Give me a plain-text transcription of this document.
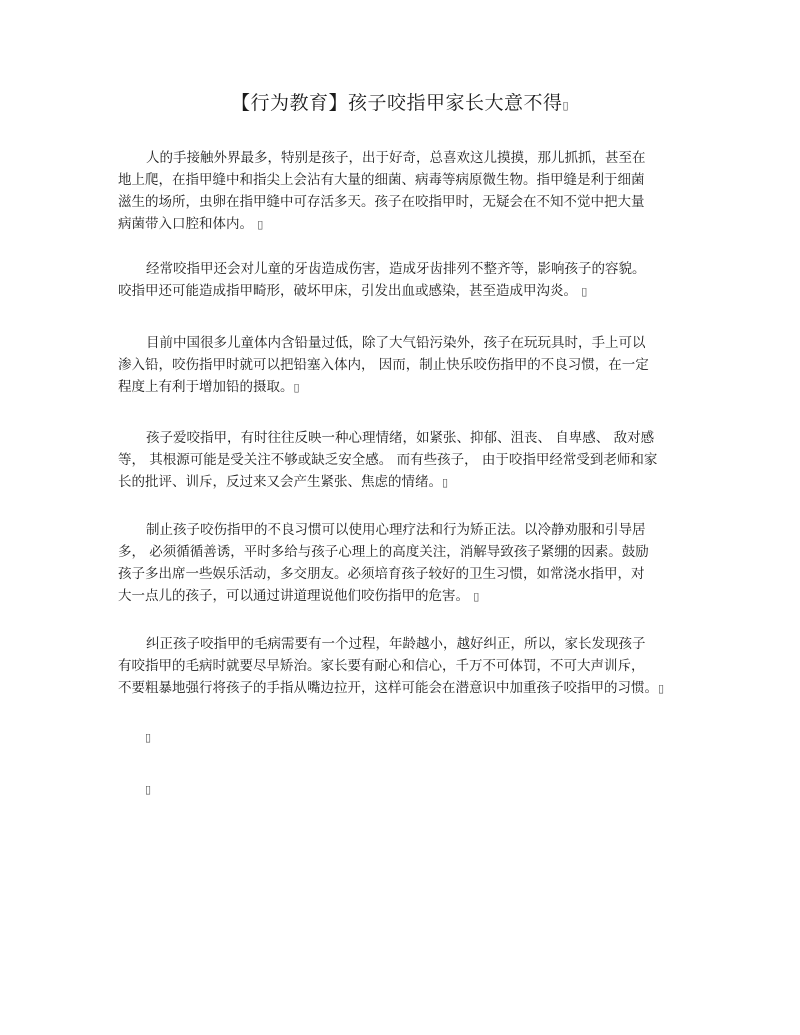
【行为教育】孩子咬指甲家长大意不得▯
人的手接触外界最多，特别是孩子，出于好奇，总喜欢这儿摸摸，那儿抓抓，甚至在
地上爬，在指甲缝中和指尖上会沾有大量的细菌、病毒等病原微生物。指甲缝是利于细菌
滋生的场所，虫卵在指甲缝中可存活多天。孩子在咬指甲时，无疑会在不知不觉中把大量
病菌带入口腔和体内。 ▯
经常咬指甲还会对儿童的牙齿造成伤害，造成牙齿排列不整齐等，影响孩子的容貌。
咬指甲还可能造成指甲畸形，破坏甲床，引发出血或感染，甚至造成甲沟炎。 ▯
目前中国很多儿童体内含铅量过低，除了大气铅污染外，孩子在玩玩具时，手上可以
渗入铅，咬伤指甲时就可以把铅塞入体内， 因而，制止快乐咬伤指甲的不良习惯，在一定
程度上有利于增加铅的摄取。▯
孩子爱咬指甲，有时往往反映一种心理情绪，如紧张、抑郁、沮丧、 自卑感、 敌对感
等， 其根源可能是受关注不够或缺乏安全感。 而有些孩子， 由于咬指甲经常受到老师和家
长的批评、训斥，反过来又会产生紧张、焦虑的情绪。▯
制止孩子咬伤指甲的不良习惯可以使用心理疗法和行为矫正法。以冷静劝服和引导居
多， 必须循循善诱，平时多给与孩子心理上的高度关注，消解导致孩子紧绷的因素。鼓励
孩子多出席一些娱乐活动，多交朋友。必须培育孩子较好的卫生习惯，如常浇水指甲，对
大一点儿的孩子，可以通过讲道理说他们咬伤指甲的危害。 ▯
纠正孩子咬指甲的毛病需要有一个过程，年龄越小，越好纠正，所以，家长发现孩子
有咬指甲的毛病时就要尽早矫治。家长要有耐心和信心，千万不可体罚，不可大声训斥，
不要粗暴地强行将孩子的手指从嘴边拉开，这样可能会在潜意识中加重孩子咬指甲的习惯。▯
▯
▯
